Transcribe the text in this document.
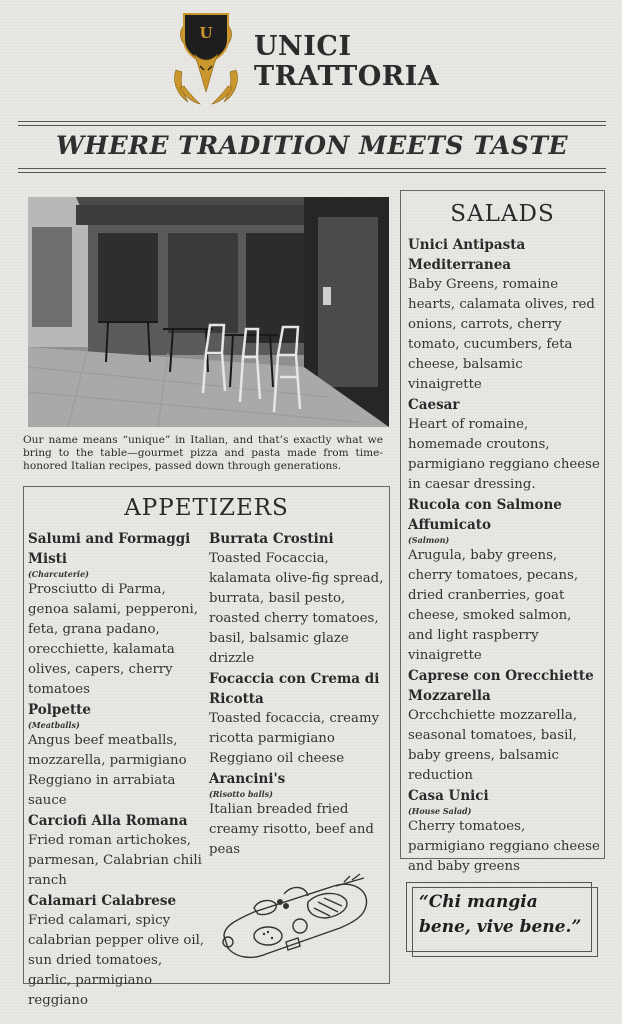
U UNICI
TRATTORIA
WHERE TRADITION MEETS TASTE
Our name means “unique” in Italian, and that’s exactly what we bring to the table—gourmet pizza and pasta made from time-honored Italian recipes, passed down through generations.
APPETIZERS
Salumi and Formaggi Misti
(Charcuterie)
Prosciutto di Parma, genoa salami, pepperoni, feta, grana padano, orecchiette, kalamata olives, capers, cherry tomatoes
Polpette
(Meatballs)
Angus beef meatballs, mozzarella, parmigiano Reggiano in arrabiata sauce
Carciofi Alla Romana
Fried roman artichokes, parmesan, Calabrian chili ranch
Calamari Calabrese
Fried calamari, spicy calabrian pepper olive oil, sun dried tomatoes, garlic, parmigiano reggiano
Burrata Crostini
Toasted Focaccia, kalamata olive-fig spread, burrata, basil pesto, roasted cherry tomatoes, basil, balsamic glaze drizzle
Focaccia con Crema di Ricotta
Toasted focaccia, creamy ricotta parmigiano Reggiano oil cheese
Arancini's
(Risotto balls)
Italian breaded fried creamy risotto, beef and peas
SALADS
Unici Antipasta Mediterranea
Baby Greens, romaine hearts, calamata olives, red onions, carrots, cherry tomato, cucumbers, feta cheese, balsamic vinaigrette
Caesar
Heart of romaine, homemade croutons, parmigiano reggiano cheese in caesar dressing.
Rucola con Salmone Affumicato
(Salmon)
Arugula, baby greens, cherry tomatoes, pecans, dried cranberries, goat cheese, smoked salmon, and light raspberry vinaigrette
Caprese con Orecchiette Mozzarella
Orcchchiette mozzarella, seasonal tomatoes, basil, baby greens, balsamic reduction
Casa Unici
(House Salad)
Cherry tomatoes, parmigiano reggiano cheese and baby greens
“Chi mangia bene, vive bene.”
